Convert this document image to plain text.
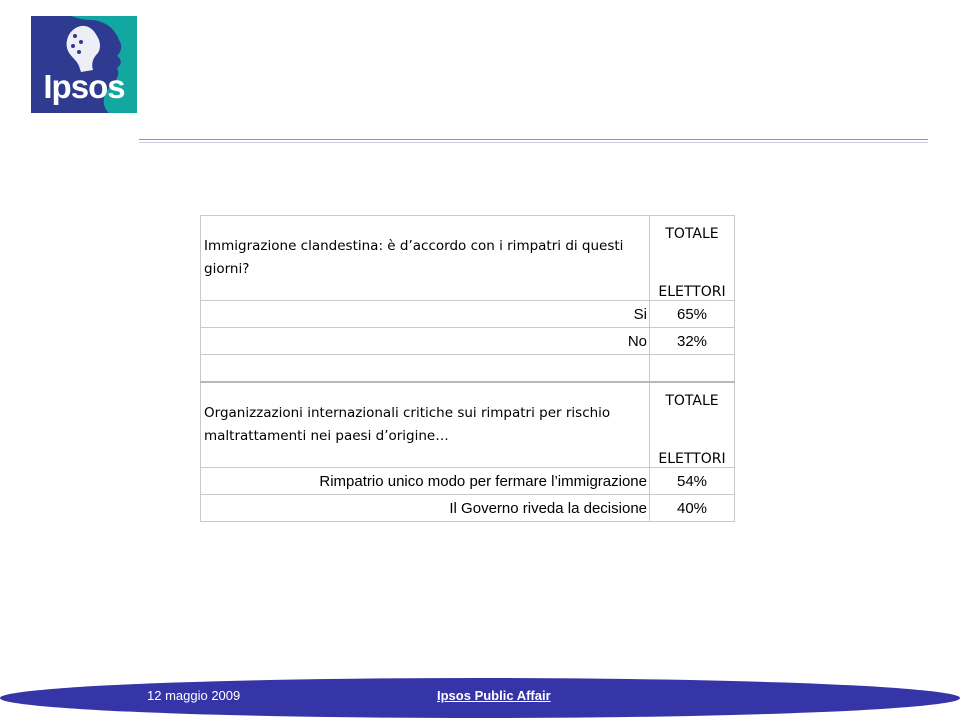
Ipsos
Immigrazione clandestina: è d’accordo con i rimpatri di questi giorni?	TOTALE
ELETTORI

Si	65%
No	32%

Organizzazioni internazionali critiche sui rimpatri per rischio maltrattamenti nei paesi d’origine…	TOTALE
ELETTORI

Rimpatrio unico modo per fermare l’immigrazione	54%
Il Governo riveda la decisione	40%
12 maggio 2009	Ipsos Public Affair
